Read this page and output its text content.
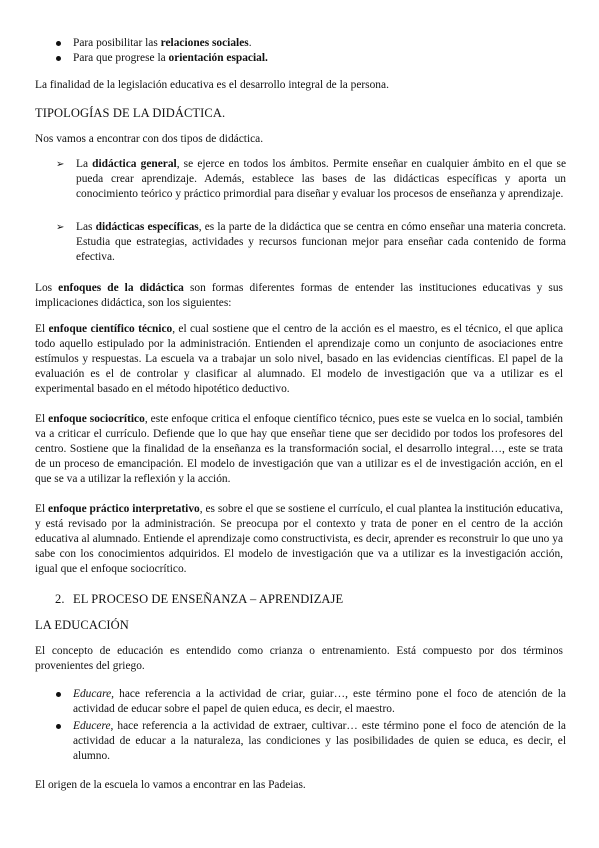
Para posibilitar las relaciones sociales.

Para que progrese la orientación espacial.

La finalidad de la legislación educativa es el desarrollo integral de la persona.

TIPOLOGÍAS DE LA DIDÁCTICA.

Nos vamos a encontrar con dos tipos de didáctica.

➢	La didáctica general, se ejerce en todos los ámbitos. Permite enseñar en cualquier ámbito en el que se pueda crear aprendizaje. Además, establece las bases de las didácticas específicas y aporta un conocimiento teórico y práctico primordial para diseñar y evaluar los procesos de enseñanza y aprendizaje.

➢	Las didácticas específicas, es la parte de la didáctica que se centra en cómo enseñar una materia concreta. Estudia que estrategias, actividades y recursos funcionan mejor para enseñar cada contenido de forma efectiva.

Los enfoques de la didáctica son formas diferentes formas de entender las instituciones educativas y sus implicaciones didáctica, son los siguientes:

El enfoque científico técnico, el cual sostiene que el centro de la acción es el maestro, es el técnico, el que aplica todo aquello estipulado por la administración. Entienden el aprendizaje como un conjunto de asociaciones entre estímulos y respuestas. La escuela va a trabajar un solo nivel, basado en las evidencias científicas. El papel de la evaluación es el de controlar y clasificar al alumnado. El modelo de investigación que va a utilizar es el experimental basado en el método hipotético deductivo.

El enfoque sociocrítico, este enfoque critica el enfoque científico técnico, pues este se vuelca en lo social, también va a criticar el currículo. Defiende que lo que hay que enseñar tiene que ser decidido por todos los profesores del centro. Sostiene que la finalidad de la enseñanza es la transformación social, el desarrollo integral…, este se trata de un proceso de emancipación. El modelo de investigación que van a utilizar es el de investigación acción, en el que se va a utilizar la reflexión y la acción.

El enfoque práctico interpretativo, es sobre el que se sostiene el currículo, el cual plantea la institución educativa, y está revisado por la administración. Se preocupa por el contexto y trata de poner en el centro de la acción educativa al alumnado. Entiende el aprendizaje como constructivista, es decir, aprender es reconstruir lo que uno ya sabe con los conocimientos adquiridos. El modelo de investigación que va a utilizar es la investigación acción, igual que el enfoque sociocrítico.

2. EL PROCESO DE ENSEÑANZA – APRENDIZAJE

LA EDUCACIÓN

El concepto de educación es entendido como crianza o entrenamiento. Está compuesto por dos términos provenientes del griego.

Educare, hace referencia a la actividad de criar, guiar…, este término pone el foco de atención de la actividad de educar sobre el papel de quien educa, es decir, el maestro.

Educere, hace referencia a la actividad de extraer, cultivar… este término pone el foco de atención de la actividad de educar a la naturaleza, las condiciones y las posibilidades de quien se educa, es decir, el alumno.

El origen de la escuela lo vamos a encontrar en las Padeias.
